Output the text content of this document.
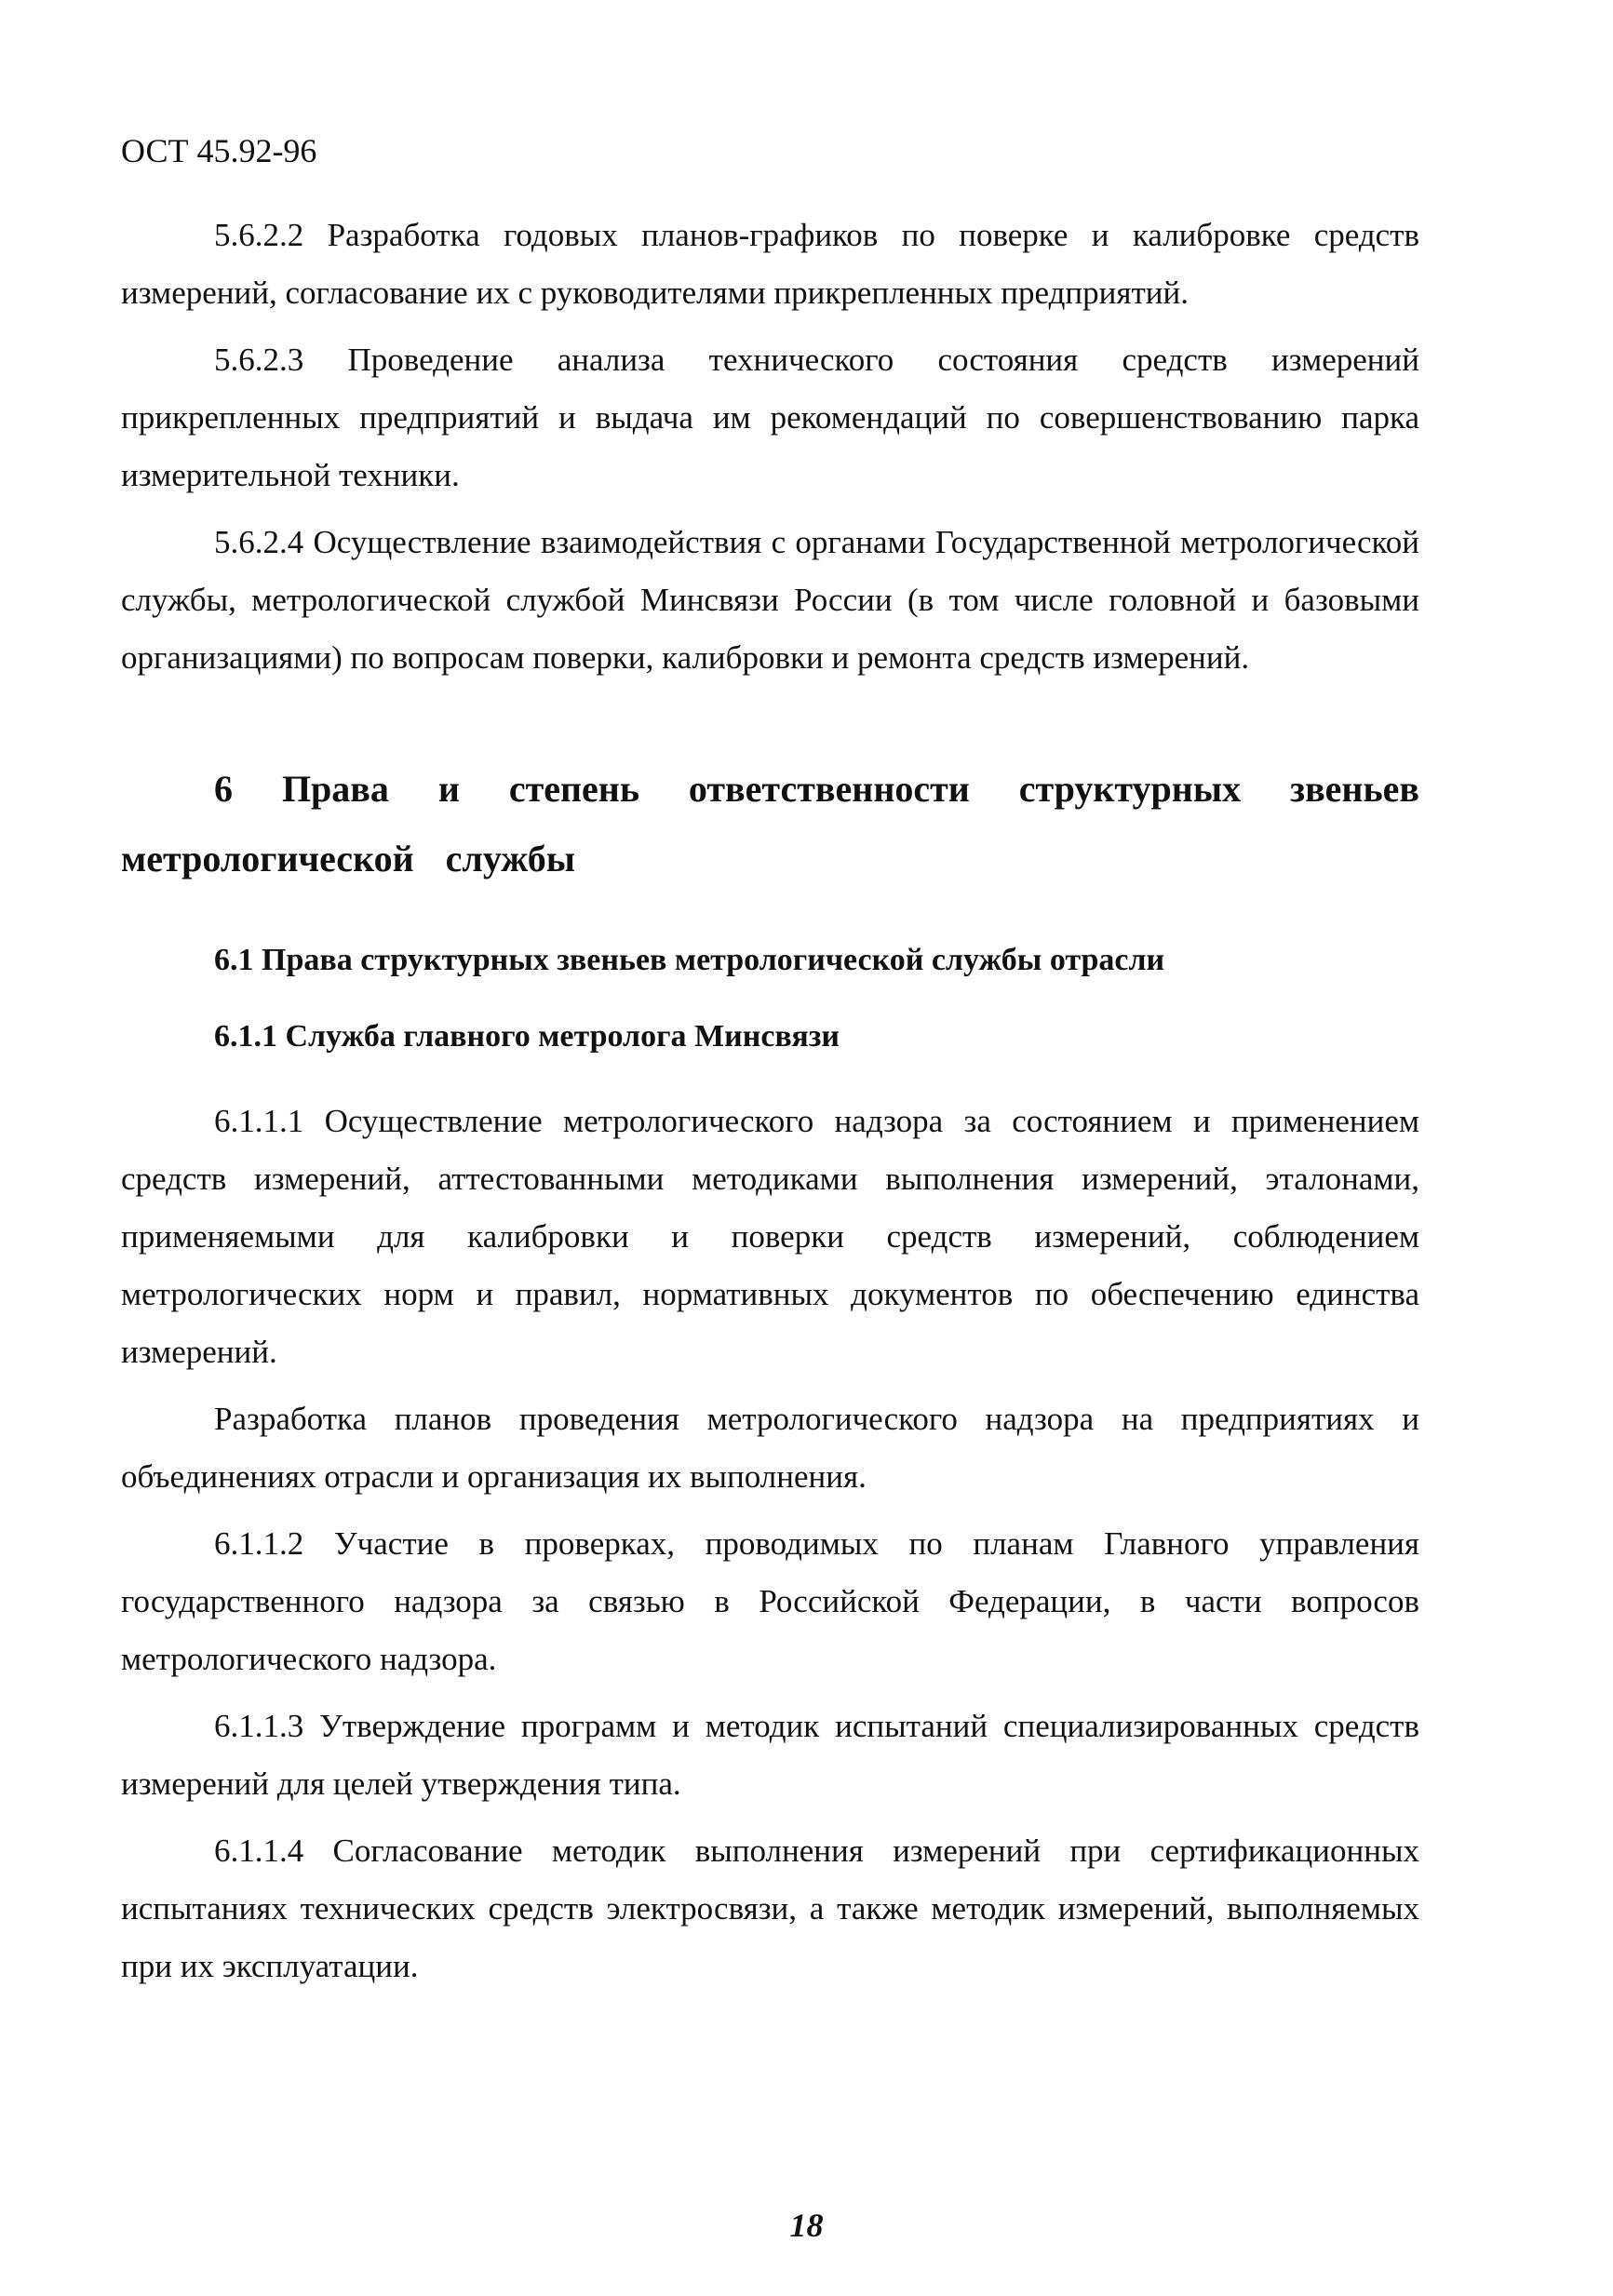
ОСТ 45.92-96

5.6.2.2 Разработка годовых планов-графиков по поверке и калибровке средств измерений, согласование их с руководителями прикрепленных предприятий.

5.6.2.3 Проведение анализа технического состояния средств измерений прикрепленных предприятий и выдача им рекомендаций по совершенствованию парка измерительной техники.

5.6.2.4 Осуществление взаимодействия с органами Государственной метрологической службы, метрологической службой Минсвязи России (в том числе головной и базовыми организациями) по вопросам поверки, калибровки и ремонта средств измерений.

6 Права и степень ответственности структурных звеньев метрологической службы
6.1 Права структурных звеньев метрологической службы отрасли
6.1.1 Служба главного метролога Минсвязи

6.1.1.1 Осуществление метрологического надзора за состоянием и применением средств измерений, аттестованными методиками выполнения измерений, эталонами, применяемыми для калибровки и поверки средств измерений, соблюдением метрологических норм и правил, нормативных документов по обеспечению единства измерений.

Разработка планов проведения метрологического надзора на предприятиях и объединениях отрасли и организация их выполнения.

6.1.1.2 Участие в проверках, проводимых по планам Главного управления государственного надзора за связью в Российской Федерации, в части вопросов метрологического надзора.

6.1.1.3 Утверждение программ и методик испытаний специализированных средств измерений для целей утверждения типа.

6.1.1.4 Согласование методик выполнения измерений при сертификационных испытаниях технических средств электросвязи, а также методик измерений, выполняемых при их эксплуатации.

18
